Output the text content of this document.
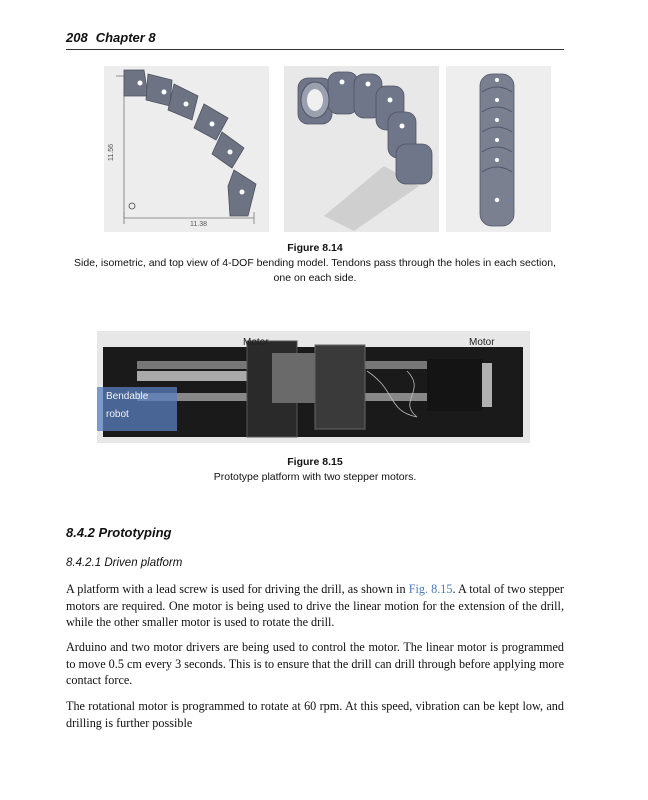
208 Chapter 8
11.56
11.38
Figure 8.14
Side, isometric, and top view of 4-DOF bending model. Tendons pass through the holes in each section, one on each side.
Motor	Motor
Bendable
robot
Figure 8.15
Prototype platform with two stepper motors.
8.4.2 Prototyping
8.4.2.1 Driven platform
A platform with a lead screw is used for driving the drill, as shown in Fig. 8.15. A total of two stepper motors are required. One motor is being used to drive the linear motion for the extension of the drill, while the other smaller motor is used to rotate the drill.
Arduino and two motor drivers are being used to control the motor. The linear motor is programmed to move 0.5 cm every 3 seconds. This is to ensure that the drill can drill through before applying more contact force.
The rotational motor is programmed to rotate at 60 rpm. At this speed, vibration can be kept low, and drilling is further possible
